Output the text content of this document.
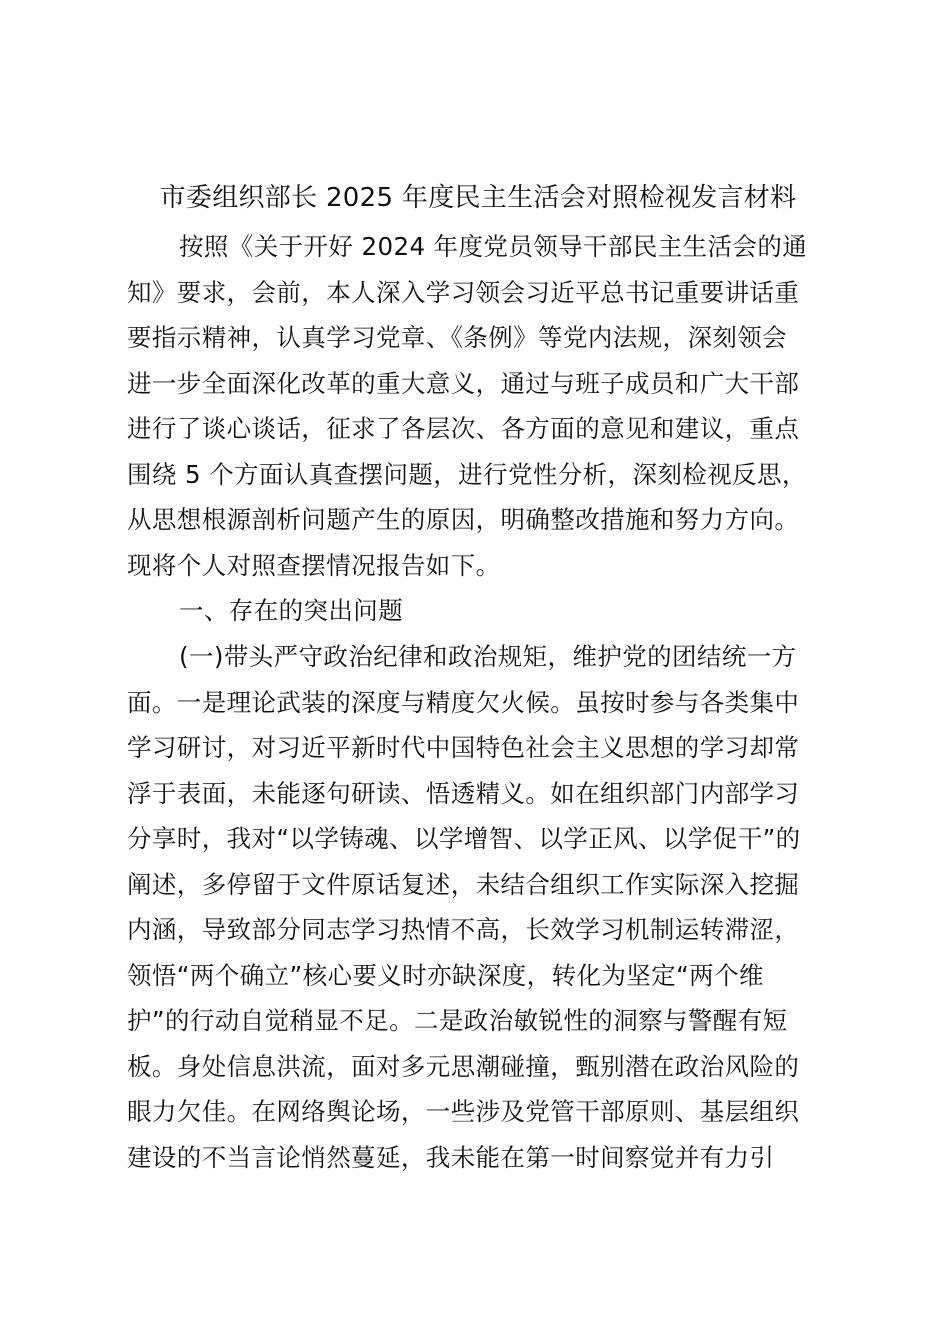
市委组织部长 2025 年度民主生活会对照检视发言材料
按照《关于开好 2024 年度党员领导干部民主生活会的通
知》要求，会前，本人深入学习领会习近平总书记重要讲话重
要指示精神，认真学习党章、《条例》等党内法规，深刻领会
进一步全面深化改革的重大意义，通过与班子成员和广大干部
进行了谈心谈话，征求了各层次、各方面的意见和建议，重点
围绕 5 个方面认真查摆问题，进行党性分析，深刻检视反思，
从思想根源剖析问题产生的原因，明确整改措施和努力方向。
现将个人对照查摆情况报告如下。
一、存在的突出问题
(一)带头严守政治纪律和政治规矩，维护党的团结统一方
面。一是理论武装的深度与精度欠火候。虽按时参与各类集中
学习研讨，对习近平新时代中国特色社会主义思想的学习却常
浮于表面，未能逐句研读、悟透精义。如在组织部门内部学习
分享时，我对“以学铸魂、以学增智、以学正风、以学促干”的
阐述，多停留于文件原话复述，未结合组织工作实际深入挖掘
内涵，导致部分同志学习热情不高，长效学习机制运转滞涩，
领悟“两个确立”核心要义时亦缺深度，转化为坚定“两个维
护”的行动自觉稍显不足。二是政治敏锐性的洞察与警醒有短
板。身处信息洪流，面对多元思潮碰撞，甄别潜在政治风险的
眼力欠佳。在网络舆论场，一些涉及党管干部原则、基层组织
建设的不当言论悄然蔓延，我未能在第一时间察觉并有力引
